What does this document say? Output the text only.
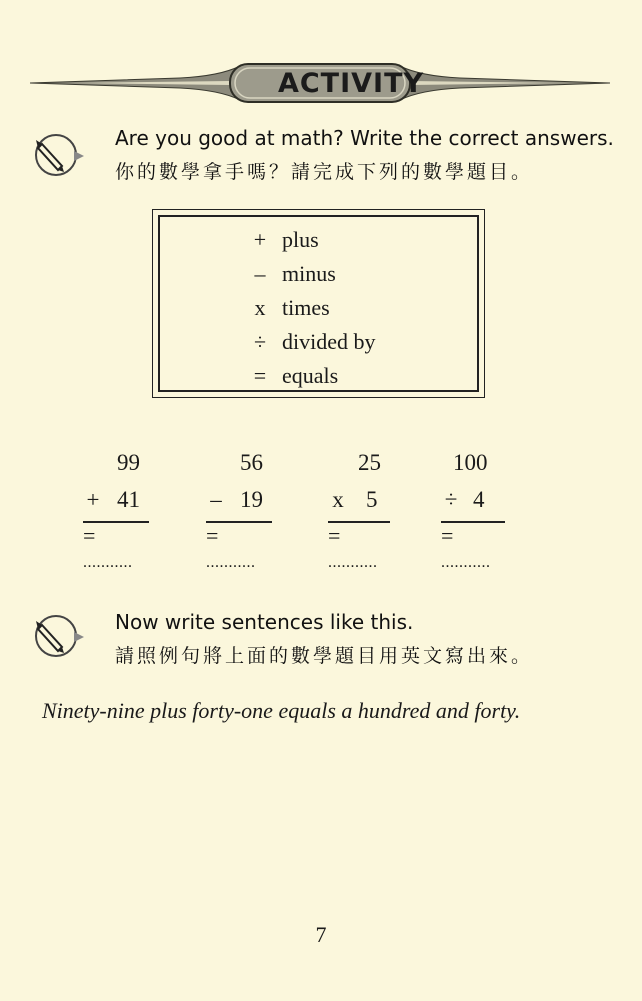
ACTIVITY
Are you good at math? Write the correct answers.
你的數學拿手嗎？請完成下列的數學題目。
+ plus
– minus
x times
÷ divided by
= equals
99
+ 41
=
...........
56
– 19
=
...........
25
x 5
=
...........
100
÷ 4
=
...........
Now write sentences like this.
請照例句將上面的數學題目用英文寫出來。
Ninety-nine plus forty-one equals a hundred and forty.
7
